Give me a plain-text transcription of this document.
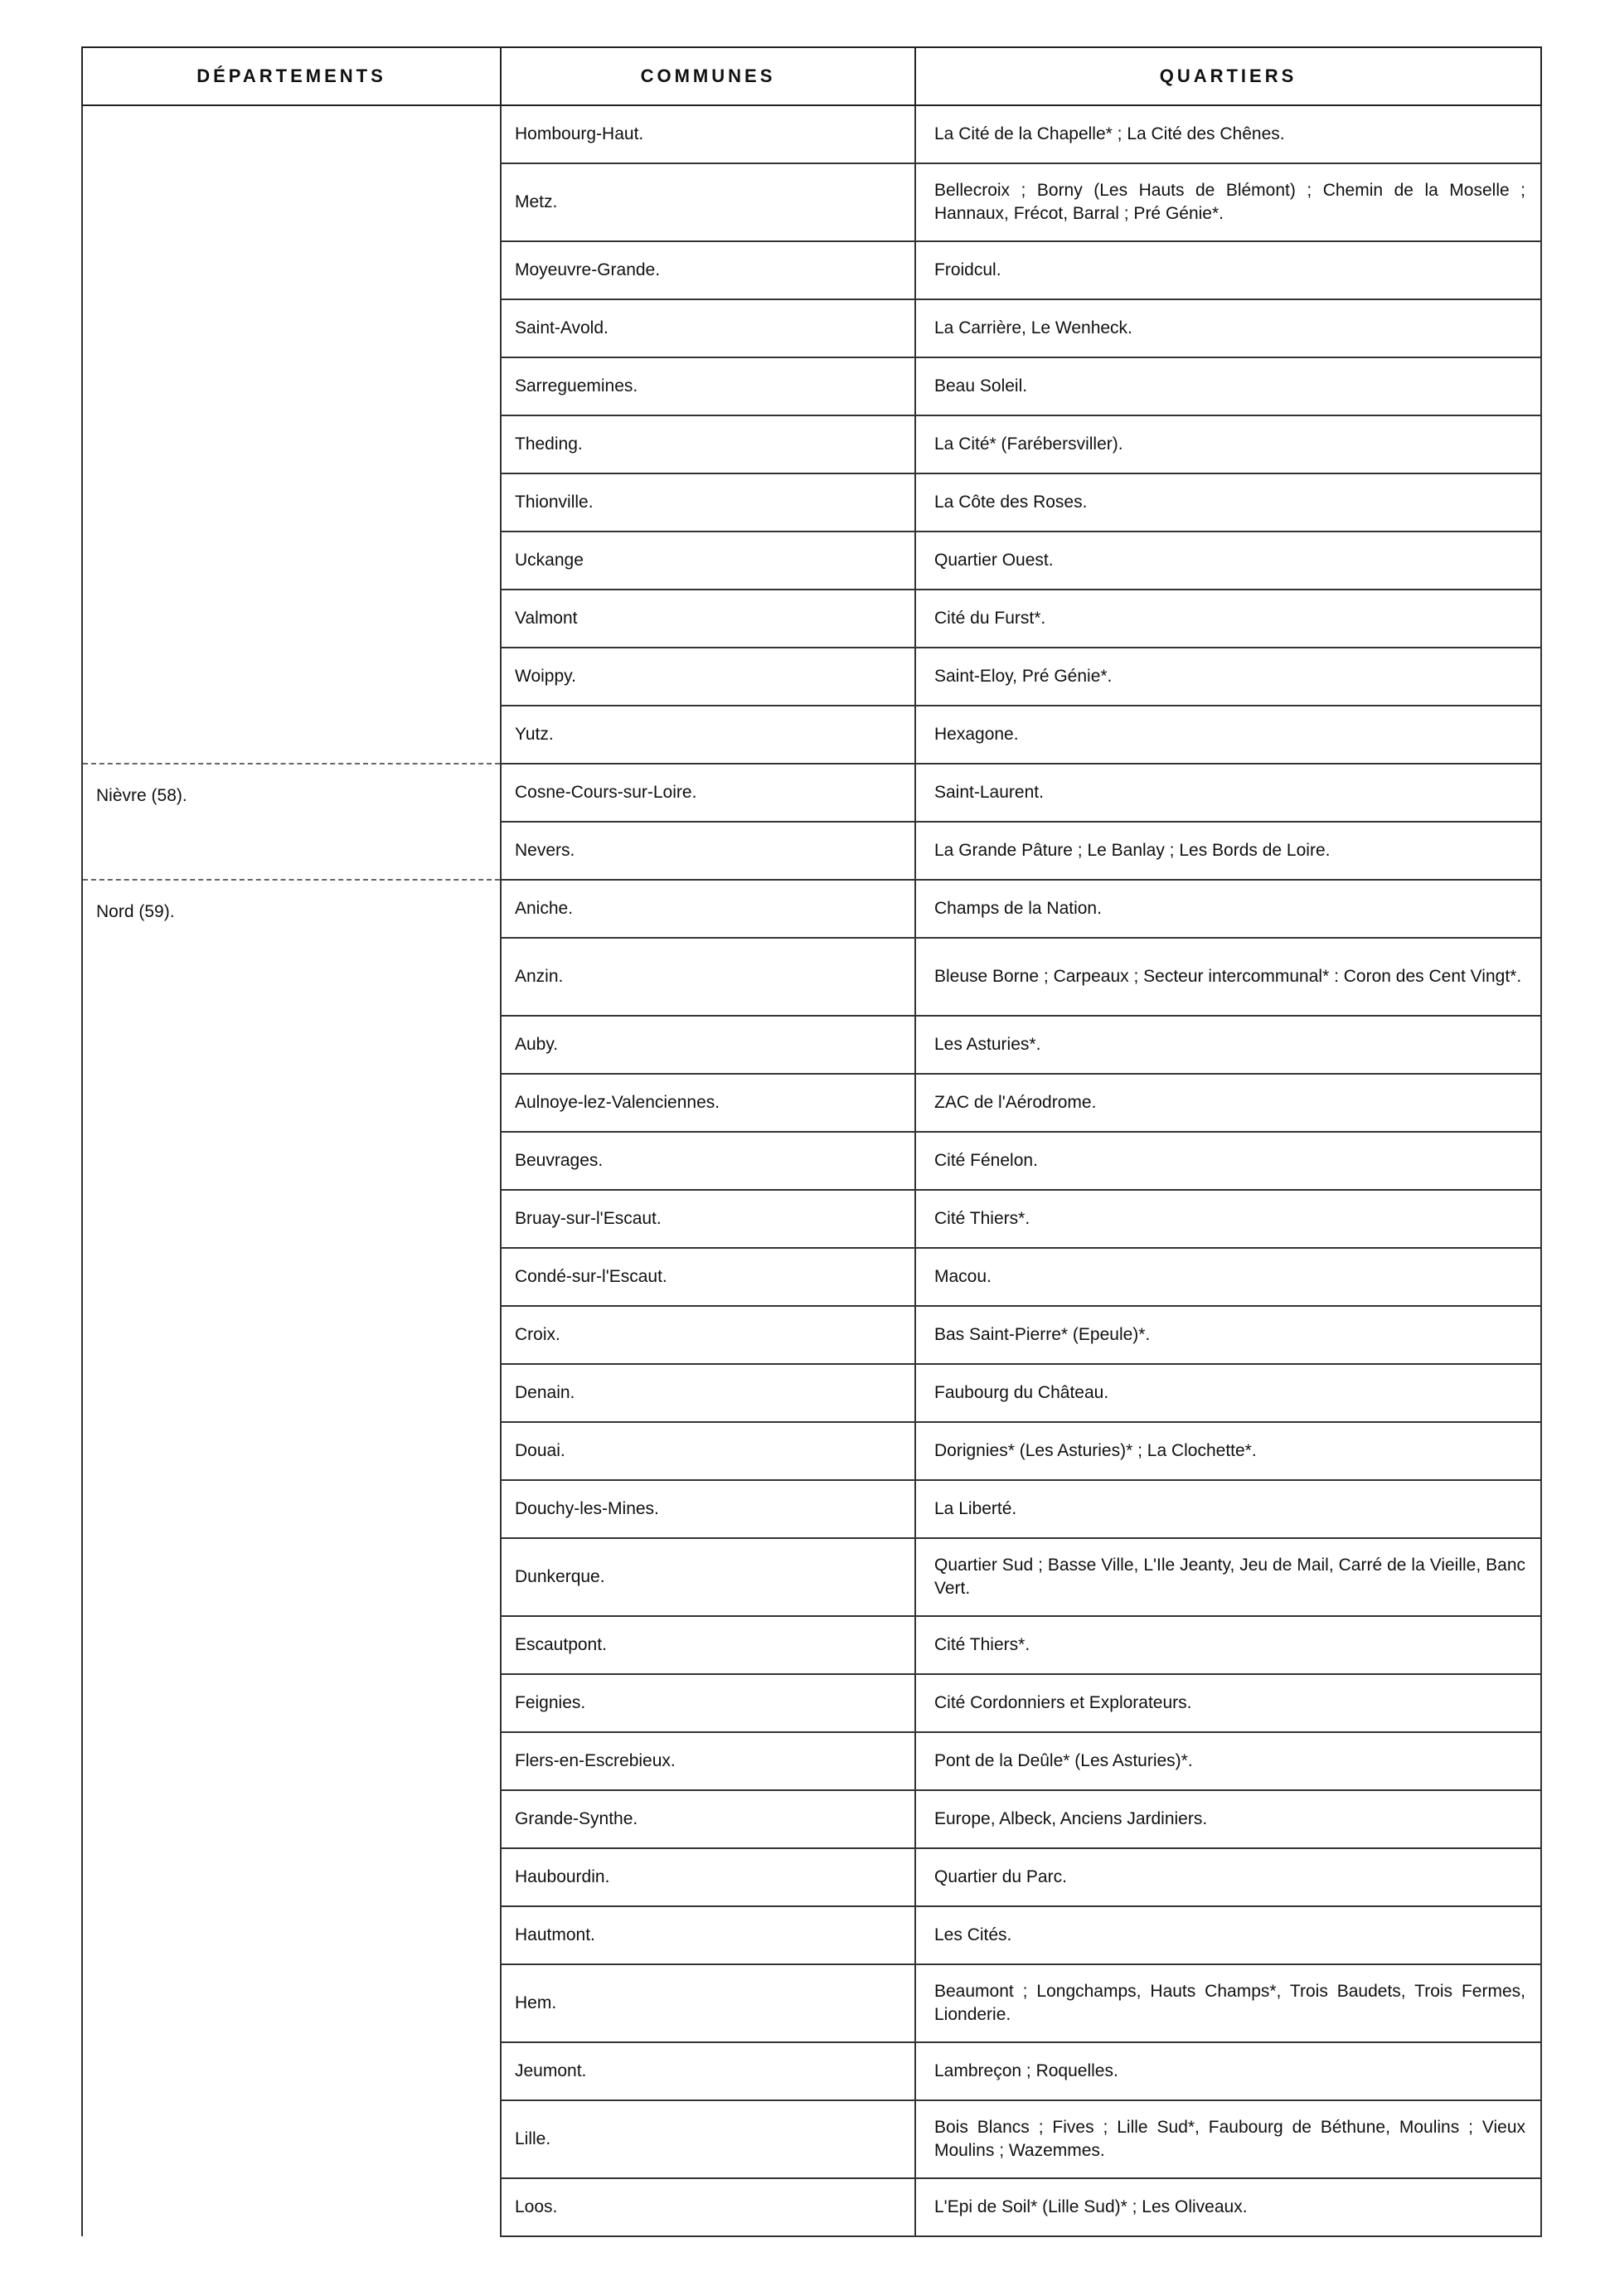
DÉPARTEMENTS	COMMUNES	QUARTIERS
	Hombourg-Haut.	La Cité de la Chapelle* ; La Cité des Chênes.
	Metz.	Bellecroix ; Borny (Les Hauts de Blémont) ; Chemin de la Moselle ; Hannaux, Frécot, Barral ; Pré Génie*.
	Moyeuvre-Grande.	Froidcul.
	Saint-Avold.	La Carrière, Le Wenheck.
	Sarreguemines.	Beau Soleil.
	Theding.	La Cité* (Farébersviller).
	Thionville.	La Côte des Roses.
	Uckange	Quartier Ouest.
	Valmont	Cité du Furst*.
	Woippy.	Saint-Eloy, Pré Génie*.
	Yutz.	Hexagone.
Nièvre (58).	Cosne-Cours-sur-Loire.	Saint-Laurent.
	Nevers.	La Grande Pâture ; Le Banlay ; Les Bords de Loire.
Nord (59).	Aniche.	Champs de la Nation.
	Anzin.	Bleuse Borne ; Carpeaux ; Secteur intercommunal* : Coron des Cent Vingt*.
	Auby.	Les Asturies*.
	Aulnoye-lez-Valenciennes.	ZAC de l'Aérodrome.
	Beuvrages.	Cité Fénelon.
	Bruay-sur-l'Escaut.	Cité Thiers*.
	Condé-sur-l'Escaut.	Macou.
	Croix.	Bas Saint-Pierre* (Epeule)*.
	Denain.	Faubourg du Château.
	Douai.	Dorignies* (Les Asturies)* ; La Clochette*.
	Douchy-les-Mines.	La Liberté.
	Dunkerque.	Quartier Sud ; Basse Ville, L'Ile Jeanty, Jeu de Mail, Carré de la Vieille, Banc Vert.
	Escautpont.	Cité Thiers*.
	Feignies.	Cité Cordonniers et Explorateurs.
	Flers-en-Escrebieux.	Pont de la Deûle* (Les Asturies)*.
	Grande-Synthe.	Europe, Albeck, Anciens Jardiniers.
	Haubourdin.	Quartier du Parc.
	Hautmont.	Les Cités.
	Hem.	Beaumont ; Longchamps, Hauts Champs*, Trois Baudets, Trois Fermes, Lionderie.
	Jeumont.	Lambreçon ; Roquelles.
	Lille.	Bois Blancs ; Fives ; Lille Sud*, Faubourg de Béthune, Moulins ; Vieux Moulins ; Wazemmes.
	Loos.	L'Epi de Soil* (Lille Sud)* ; Les Oliveaux.
